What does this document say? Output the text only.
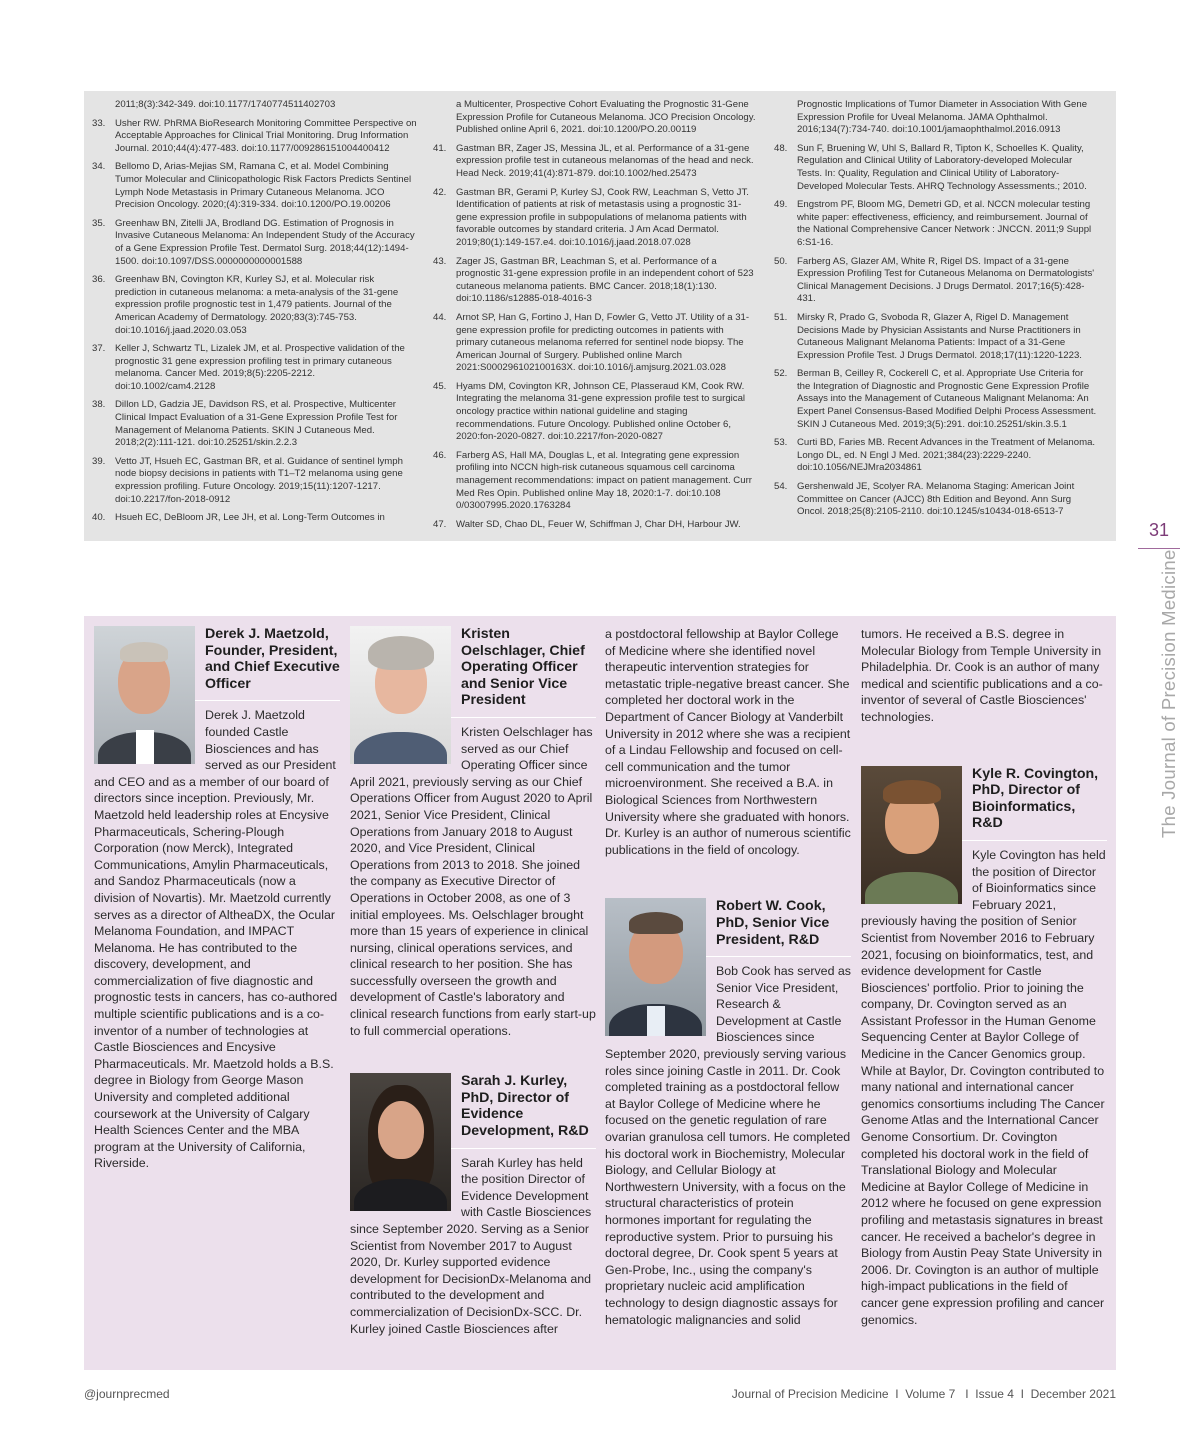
2011;8(3):342-349. doi:10.1177/1740774511402703
33.	Usher RW. PhRMA BioResearch Monitoring Committee Perspective on Acceptable Approaches for Clinical Trial Monitoring. Drug Information Journal. 2010;44(4):477-483. doi:10.1177/009286151004400412
34.	Bellomo D, Arias-Mejias SM, Ramana C, et al. Model Combining Tumor Molecular and Clinicopathologic Risk Factors Predicts Sentinel Lymph Node Metastasis in Primary Cutaneous Melanoma. JCO Precision Oncology. 2020;(4):319-334. doi:10.1200/PO.19.00206
35.	Greenhaw BN, Zitelli JA, Brodland DG. Estimation of Prognosis in Invasive Cutaneous Melanoma: An Independent Study of the Accuracy of a Gene Expression Profile Test. Dermatol Surg. 2018;44(12):1494-1500. doi:10.1097/DSS.0000000000001588
36.	Greenhaw BN, Covington KR, Kurley SJ, et al. Molecular risk prediction in cutaneous melanoma: a meta-analysis of the 31-gene expression profile prognostic test in 1,479 patients. Journal of the American Academy of Dermatology. 2020;83(3):745-753. doi:10.1016/j.jaad.2020.03.053
37.	Keller J, Schwartz TL, Lizalek JM, et al. Prospective validation of the prognostic 31 gene expression profiling test in primary cutaneous melanoma. Cancer Med. 2019;8(5):2205-2212. doi:10.1002/cam4.2128
38.	Dillon LD, Gadzia JE, Davidson RS, et al. Prospective, Multicenter Clinical Impact Evaluation of a 31-Gene Expression Profile Test for Management of Melanoma Patients. SKIN J Cutaneous Med. 2018;2(2):111-121. doi:10.25251/skin.2.2.3
39.	Vetto JT, Hsueh EC, Gastman BR, et al. Guidance of sentinel lymph node biopsy decisions in patients with T1–T2 melanoma using gene expression profiling. Future Oncology. 2019;15(11):1207-1217. doi:10.2217/fon-2018-0912
40.	Hsueh EC, DeBloom JR, Lee JH, et al. Long-Term Outcomes in
a Multicenter, Prospective Cohort Evaluating the Prognostic 31-Gene Expression Profile for Cutaneous Melanoma. JCO Precision Oncology. Published online April 6, 2021. doi:10.1200/PO.20.00119
41.	Gastman BR, Zager JS, Messina JL, et al. Performance of a 31-gene expression profile test in cutaneous melanomas of the head and neck. Head Neck. 2019;41(4):871-879. doi:10.1002/hed.25473
42.	Gastman BR, Gerami P, Kurley SJ, Cook RW, Leachman S, Vetto JT. Identification of patients at risk of metastasis using a prognostic 31-gene expression profile in subpopulations of melanoma patients with favorable outcomes by standard criteria. J Am Acad Dermatol. 2019;80(1):149-157.e4. doi:10.1016/j.jaad.2018.07.028
43.	Zager JS, Gastman BR, Leachman S, et al. Performance of a prognostic 31-gene expression profile in an independent cohort of 523 cutaneous melanoma patients. BMC Cancer. 2018;18(1):130. doi:10.1186/s12885-018-4016-3
44.	Arnot SP, Han G, Fortino J, Han D, Fowler G, Vetto JT. Utility of a 31-gene expression profile for predicting outcomes in patients with primary cutaneous melanoma referred for sentinel node biopsy. The American Journal of Surgery. Published online March 2021:S000296102100163X. doi:10.1016/j.amjsurg.2021.03.028
45.	Hyams DM, Covington KR, Johnson CE, Plasseraud KM, Cook RW. Integrating the melanoma 31-gene expression profile test to surgical oncology practice within national guideline and staging recommendations. Future Oncology. Published online October 6, 2020:fon-2020-0827. doi:10.2217/fon-2020-0827
46.	Farberg AS, Hall MA, Douglas L, et al. Integrating gene expression profiling into NCCN high-risk cutaneous squamous cell carcinoma management recommendations: impact on patient management. Curr Med Res Opin. Published online May 18, 2020:1-7. doi:10.108 0/03007995.2020.1763284
47.	Walter SD, Chao DL, Feuer W, Schiffman J, Char DH, Harbour JW.
Prognostic Implications of Tumor Diameter in Association With Gene Expression Profile for Uveal Melanoma. JAMA Ophthalmol. 2016;134(7):734-740. doi:10.1001/jamaophthalmol.2016.0913
48.	Sun F, Bruening W, Uhl S, Ballard R, Tipton K, Schoelles K. Quality, Regulation and Clinical Utility of Laboratory-developed Molecular Tests. In: Quality, Regulation and Clinical Utility of Laboratory-Developed Molecular Tests. AHRQ Technology Assessments.; 2010.
49.	Engstrom PF, Bloom MG, Demetri GD, et al. NCCN molecular testing white paper: effectiveness, efficiency, and reimbursement. Journal of the National Comprehensive Cancer Network : JNCCN. 2011;9 Suppl 6:S1-16.
50.	Farberg AS, Glazer AM, White R, Rigel DS. Impact of a 31-gene Expression Profiling Test for Cutaneous Melanoma on Dermatologists' Clinical Management Decisions. J Drugs Dermatol. 2017;16(5):428-431.
51.	Mirsky R, Prado G, Svoboda R, Glazer A, Rigel D. Management Decisions Made by Physician Assistants and Nurse Practitioners in Cutaneous Malignant Melanoma Patients: Impact of a 31-Gene Expression Profile Test. J Drugs Dermatol. 2018;17(11):1220-1223.
52.	Berman B, Ceilley R, Cockerell C, et al. Appropriate Use Criteria for the Integration of Diagnostic and Prognostic Gene Expression Profile Assays into the Management of Cutaneous Malignant Melanoma: An Expert Panel Consensus-Based Modified Delphi Process Assessment. SKIN J Cutaneous Med. 2019;3(5):291. doi:10.25251/skin.3.5.1
53.	Curti BD, Faries MB. Recent Advances in the Treatment of Melanoma. Longo DL, ed. N Engl J Med. 2021;384(23):2229-2240. doi:10.1056/NEJMra2034861
54.	Gershenwald JE, Scolyer RA. Melanoma Staging: American Joint Committee on Cancer (AJCC) 8th Edition and Beyond. Ann Surg Oncol. 2018;25(8):2105-2110. doi:10.1245/s10434-018-6513-7
31
The Journal of Precision Medicine
Derek J. Maetzold, Founder, President, and Chief Executive Officer

Derek J. Maetzold founded Castle Biosciences and has served as our President and CEO and as a member of our board of directors since inception. Previously, Mr. Maetzold held leadership roles at Encysive Pharmaceuticals, Schering-Plough Corporation (now Merck), Integrated Communications, Amylin Pharmaceuticals, and Sandoz Pharmaceuticals (now a division of Novartis). Mr. Maetzold currently serves as a director of AltheaDX, the Ocular Melanoma Foundation, and IMPACT Melanoma. He has contributed to the discovery, development, and commercialization of five diagnostic and prognostic tests in cancers, has co-authored multiple scientific publications and is a co-inventor of a number of technologies at Castle Biosciences and Encysive Pharmaceuticals. Mr. Maetzold holds a B.S. degree in Biology from George Mason University and completed additional coursework at the University of Calgary Health Sciences Center and the MBA program at the University of California, Riverside.

Kristen Oelschlager, Chief Operating Officer and Senior Vice President

Kristen Oelschlager has served as our Chief Operating Officer since April 2021, previously serving as our Chief Operations Officer from August 2020 to April 2021, Senior Vice President, Clinical Operations from January 2018 to August 2020, and Vice President, Clinical Operations from 2013 to 2018. She joined the company as Executive Director of Operations in October 2008, as one of 3 initial employees. Ms. Oelschlager brought more than 15 years of experience in clinical nursing, clinical operations services, and clinical research to her position. She has successfully overseen the growth and development of Castle's laboratory and clinical research functions from early start-up to full commercial operations.

Sarah J. Kurley, PhD, Director of Evidence Development, R&D

Sarah Kurley has held the position Director of Evidence Development with Castle Biosciences since September 2020. Serving as a Senior Scientist from November 2017 to August 2020, Dr. Kurley supported evidence development for DecisionDx-Melanoma and contributed to the development and commercialization of DecisionDx-SCC. Dr. Kurley joined Castle Biosciences after

a postdoctoral fellowship at Baylor College of Medicine where she identified novel therapeutic intervention strategies for metastatic triple-negative breast cancer. She completed her doctoral work in the Department of Cancer Biology at Vanderbilt University in 2012 where she was a recipient of a Lindau Fellowship and focused on cell-cell communication and the tumor microenvironment. She received a B.A. in Biological Sciences from Northwestern University where she graduated with honors. Dr. Kurley is an author of numerous scientific publications in the field of oncology.

Robert W. Cook, PhD, Senior Vice President, R&D

Bob Cook has served as Senior Vice President, Research & Development at Castle Biosciences since September 2020, previously serving various roles since joining Castle in 2011. Dr. Cook completed training as a postdoctoral fellow at Baylor College of Medicine where he focused on the genetic regulation of rare ovarian granulosa cell tumors. He completed his doctoral work in Biochemistry, Molecular Biology, and Cellular Biology at Northwestern University, with a focus on the structural characteristics of protein hormones important for regulating the reproductive system. Prior to pursuing his doctoral degree, Dr. Cook spent 5 years at Gen-Probe, Inc., using the company's proprietary nucleic acid amplification technology to design diagnostic assays for hematologic malignancies and solid

tumors. He received a B.S. degree in Molecular Biology from Temple University in Philadelphia. Dr. Cook is an author of many medical and scientific publications and a co-inventor of several of Castle Biosciences' technologies.

Kyle R. Covington, PhD, Director of Bioinformatics, R&D

Kyle Covington has held the position of Director of Bioinformatics since February 2021, previously having the position of Senior Scientist from November 2016 to February 2021, focusing on bioinformatics, test, and evidence development for Castle Biosciences' portfolio. Prior to joining the company, Dr. Covington served as an Assistant Professor in the Human Genome Sequencing Center at Baylor College of Medicine in the Cancer Genomics group. While at Baylor, Dr. Covington contributed to many national and international cancer genomics consortiums including The Cancer Genome Atlas and the International Cancer Genome Consortium. Dr. Covington completed his doctoral work in the field of Translational Biology and Molecular Medicine at Baylor College of Medicine in 2012 where he focused on gene expression profiling and metastasis signatures in breast cancer. He received a bachelor's degree in Biology from Austin Peay State University in 2006. Dr. Covington is an author of multiple high-impact publications in the field of cancer gene expression profiling and cancer genomics.

@journprecmed	Journal of Precision Medicine  I  Volume 7   I  Issue 4  I  December 2021
